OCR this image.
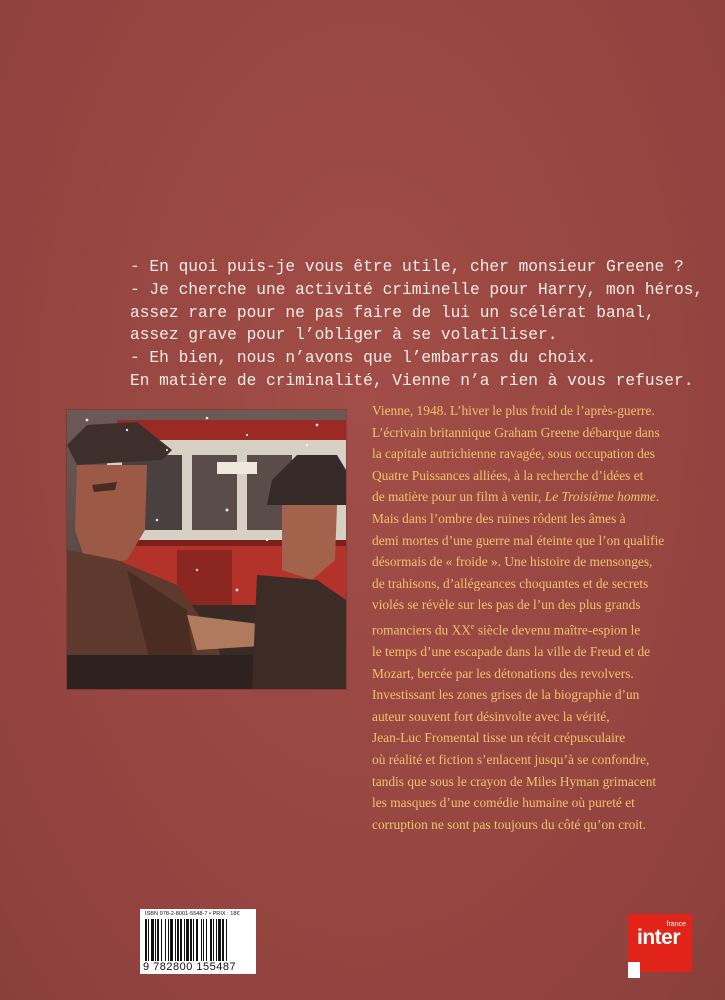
- En quoi puis-je vous être utile, cher monsieur Greene ?
- Je cherche une activité criminelle pour Harry, mon héros,
assez rare pour ne pas faire de lui un scélérat banal,
assez grave pour l’obliger à se volatiliser.
- Eh bien, nous n’avons que l’embarras du choix.
En matière de criminalité, Vienne n’a rien à vous refuser.
Vienne, 1948. L’hiver le plus froid de l’après-guerre.
L’écrivain britannique Graham Greene débarque dans
la capitale autrichienne ravagée, sous occupation des
Quatre Puissances alliées, à la recherche d’idées et
de matière pour un film à venir, Le Troisième homme.
Mais dans l’ombre des ruines rôdent les âmes à
demi mortes d’une guerre mal éteinte que l’on qualifie
désormais de « froide ». Une histoire de mensonges,
de trahisons, d’allégeances choquantes et de secrets
violés se révèle sur les pas de l’un des plus grands
romanciers du XXe siècle devenu maître-espion le
le temps d’une escapade dans la ville de Freud et de
Mozart, bercée par les détonations des revolvers.
Investissant les zones grises de la biographie d’un
auteur souvent fort désinvolte avec la vérité,
Jean-Luc Fromental tisse un récit crépusculaire
où réalité et fiction s’enlacent jusqu’à se confondre,
tandis que sous le crayon de Miles Hyman grimacent
les masques d’une comédie humaine où pureté et
corruption ne sont pas toujours du côté qu’on croit.
ISBN 978-2-8001-5548-7 • PRIX : 18€
9 782800 155487
france
inter
